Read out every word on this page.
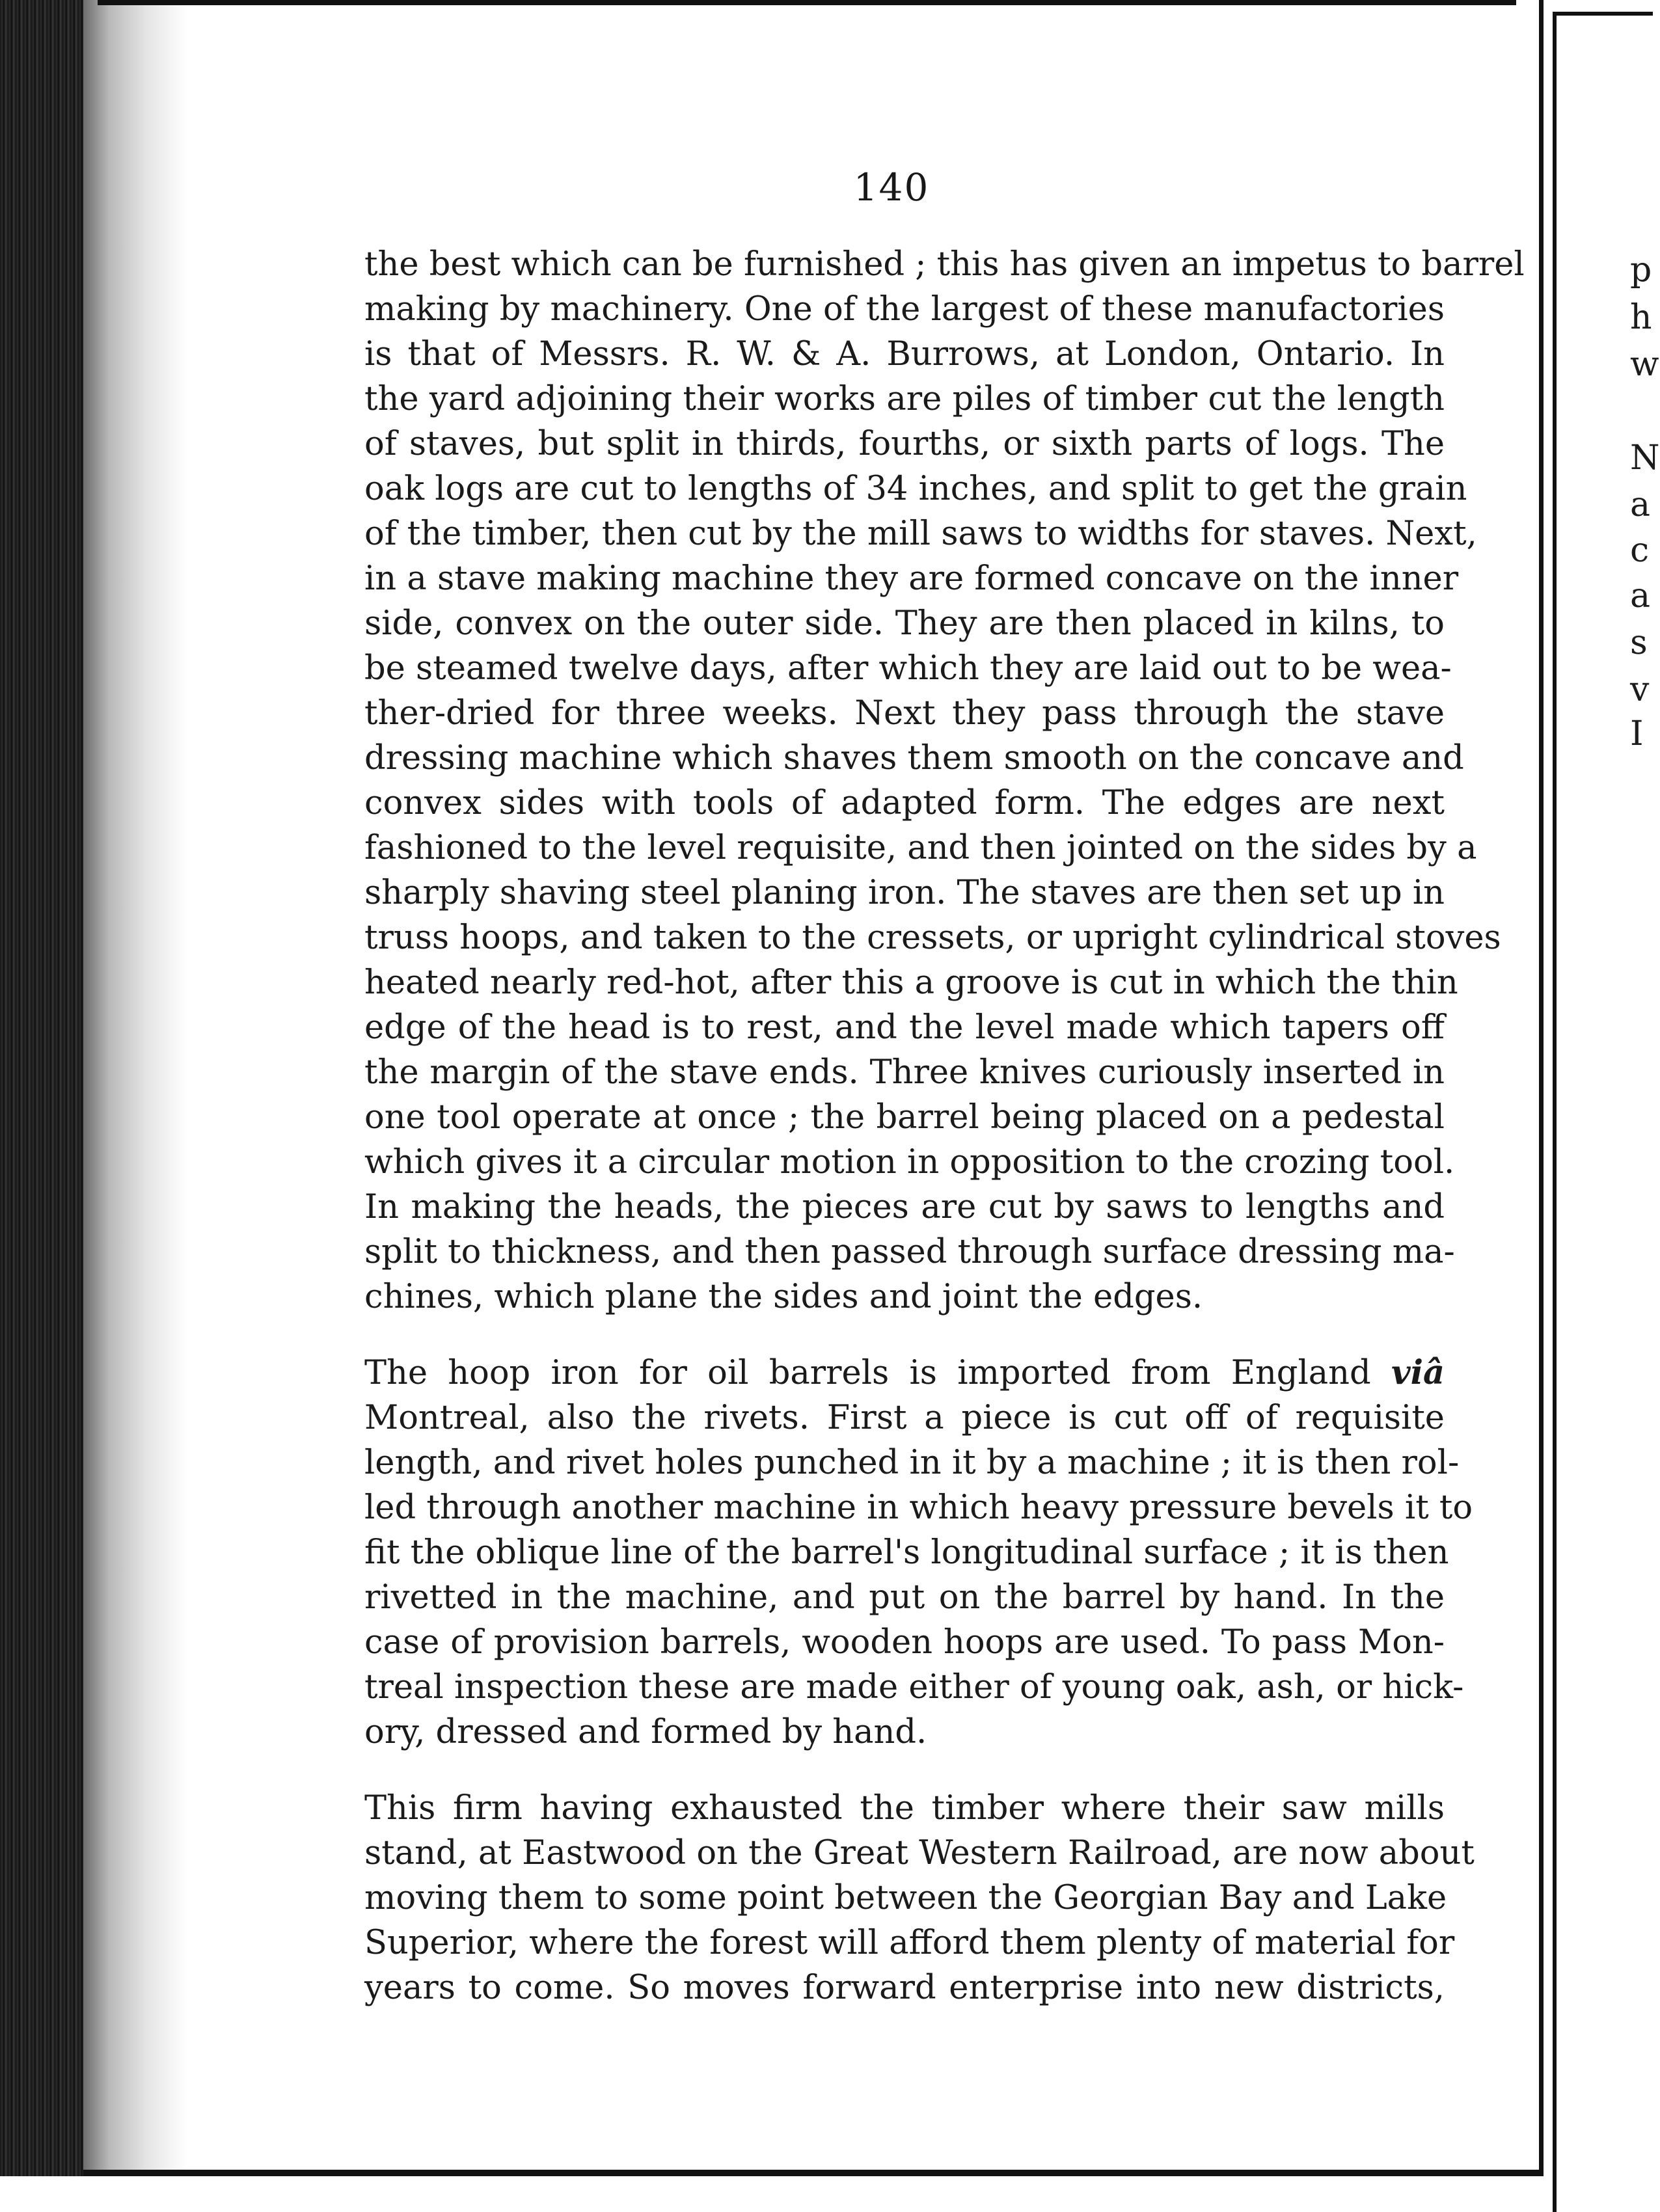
p
h
w
N
a
c
a
s
v
I
140
the best which can be furnished ; this has given an impetus to barrel
making by machinery. One of the largest of these manufactories
is that of Messrs. R. W. & A. Burrows, at London, Ontario. In
the yard adjoining their works are piles of timber cut the length
of staves, but split in thirds, fourths, or sixth parts of logs. The
oak logs are cut to lengths of 34 inches, and split to get the grain
of the timber, then cut by the mill saws to widths for staves. Next,
in a stave making machine they are formed concave on the inner
side, convex on the outer side. They are then placed in kilns, to
be steamed twelve days, after which they are laid out to be wea-
ther-dried for three weeks. Next they pass through the stave
dressing machine which shaves them smooth on the concave and
convex sides with tools of adapted form. The edges are next
fashioned to the level requisite, and then jointed on the sides by a
sharply shaving steel planing iron. The staves are then set up in
truss hoops, and taken to the cressets, or upright cylindrical stoves
heated nearly red-hot, after this a groove is cut in which the thin
edge of the head is to rest, and the level made which tapers off
the margin of the stave ends. Three knives curiously inserted in
one tool operate at once ; the barrel being placed on a pedestal
which gives it a circular motion in opposition to the crozing tool.
In making the heads, the pieces are cut by saws to lengths and
split to thickness, and then passed through surface dressing ma-
chines, which plane the sides and joint the edges.
The hoop iron for oil barrels is imported from England viâ
Montreal, also the rivets. First a piece is cut off of requisite
length, and rivet holes punched in it by a machine ; it is then rol-
led through another machine in which heavy pressure bevels it to
fit the oblique line of the barrel's longitudinal surface ; it is then
rivetted in the machine, and put on the barrel by hand. In the
case of provision barrels, wooden hoops are used. To pass Mon-
treal inspection these are made either of young oak, ash, or hick-
ory, dressed and formed by hand.
This firm having exhausted the timber where their saw mills
stand, at Eastwood on the Great Western Railroad, are now about
moving them to some point between the Georgian Bay and Lake
Superior, where the forest will afford them plenty of material for
years to come. So moves forward enterprise into new districts,
